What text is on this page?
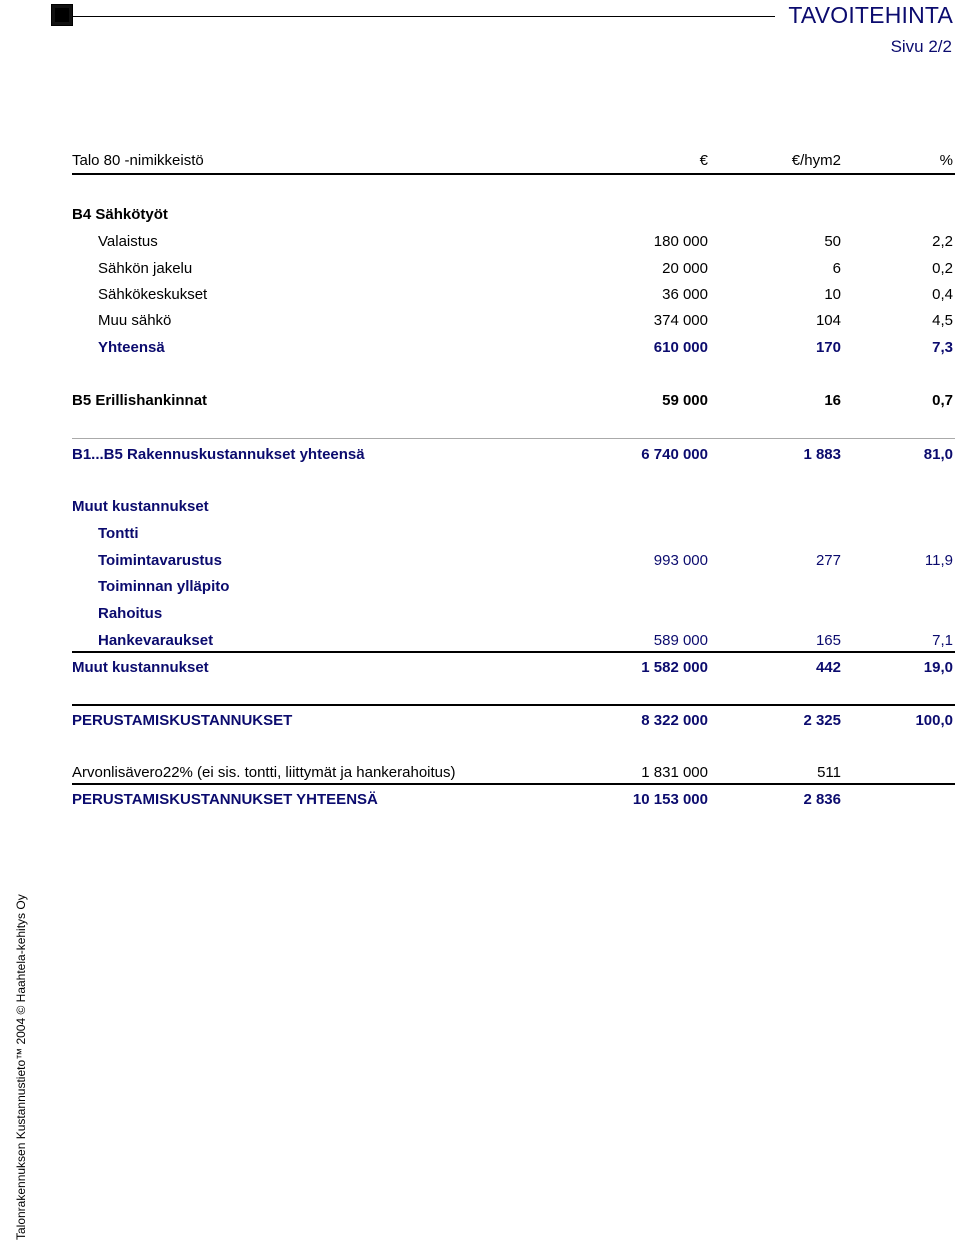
TAVOITEHINTA
Sivu 2/2
Talo 80 -nimikkeistö	€	€/hym2	%
B4 Sähkötyöt
Valaistus	180 000	50	2,2
Sähkön jakelu	20 000	6	0,2
Sähkökeskukset	36 000	10	0,4
Muu sähkö	374 000	104	4,5
Yhteensä	610 000	170	7,3
B5 Erillishankinnat	59 000	16	0,7
B1...B5 Rakennuskustannukset yhteensä	6 740 000	1 883	81,0
Muut kustannukset
Tontti
Toimintavarustus	993 000	277	11,9
Toiminnan ylläpito
Rahoitus
Hankevaraukset	589 000	165	7,1
Muut kustannukset	1 582 000	442	19,0
PERUSTAMISKUSTANNUKSET	8 322 000	2 325	100,0
Arvonlisävero22% (ei sis. tontti, liittymät ja hankerahoitus)	1 831 000	511
PERUSTAMISKUSTANNUKSET YHTEENSÄ	10 153 000	2 836
Talonrakennuksen Kustannustieto™ 2004 © Haahtela-kehitys Oy
